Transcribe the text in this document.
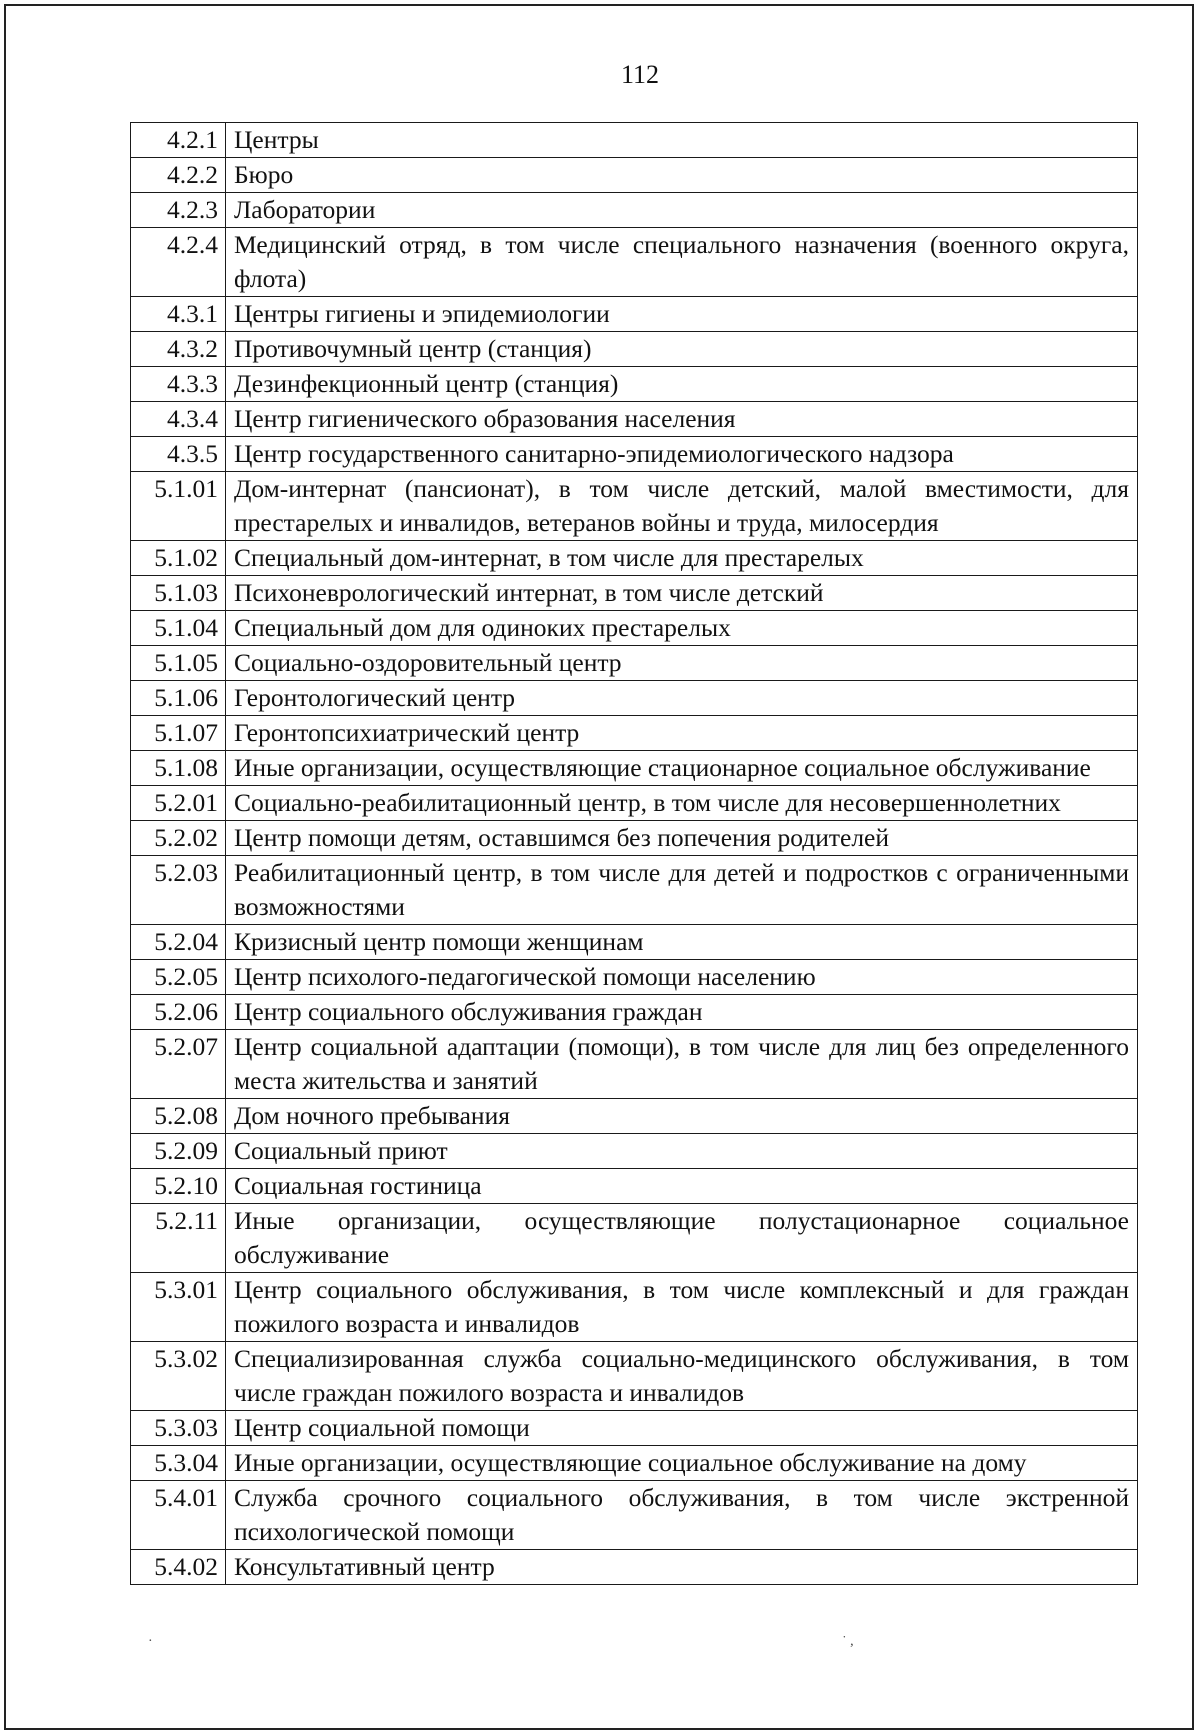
112
4.2.1	Центры
4.2.2	Бюро
4.2.3	Лаборатории
4.2.4	Медицинский отряд, в том числе специального назначения (военного округа, флота)
4.3.1	Центры гигиены и эпидемиологии
4.3.2	Противочумный центр (станция)
4.3.3	Дезинфекционный центр (станция)
4.3.4	Центр гигиенического образования населения
4.3.5	Центр государственного санитарно-эпидемиологического надзора
5.1.01	Дом-интернат (пансионат), в том числе детский, малой вместимости, для престарелых и инвалидов, ветеранов войны и труда, милосердия
5.1.02	Специальный дом-интернат, в том числе для престарелых
5.1.03	Психоневрологический интернат, в том числе детский
5.1.04	Специальный дом для одиноких престарелых
5.1.05	Социально-оздоровительный центр
5.1.06	Геронтологический центр
5.1.07	Геронтопсихиатрический центр
5.1.08	Иные организации, осуществляющие стационарное социальное обслуживание
5.2.01	Социально-реабилитационный центр, в том числе для несовершеннолетних
5.2.02	Центр помощи детям, оставшимся без попечения родителей
5.2.03	Реабилитационный центр, в том числе для детей и подростков с ограниченными возможностями
5.2.04	Кризисный центр помощи женщинам
5.2.05	Центр психолого-педагогической помощи населению
5.2.06	Центр социального обслуживания граждан
5.2.07	Центр социальной адаптации (помощи), в том числе для лиц без определенного места жительства и занятий
5.2.08	Дом ночного пребывания
5.2.09	Социальный приют
5.2.10	Социальная гостиница
5.2.11	Иные организации, осуществляющие полустационарное социальное обслуживание
5.3.01	Центр социального обслуживания, в том числе комплексный и для граждан пожилого возраста и инвалидов
5.3.02	Специализированная служба социально-медицинского обслуживания, в том числе граждан пожилого возраста и инвалидов
5.3.03	Центр социальной помощи
5.3.04	Иные организации, осуществляющие социальное обслуживание на дому
5.4.01	Служба срочного социального обслуживания, в том числе экстренной психологической помощи
5.4.02	Консультативный центр
·	˙ ,
